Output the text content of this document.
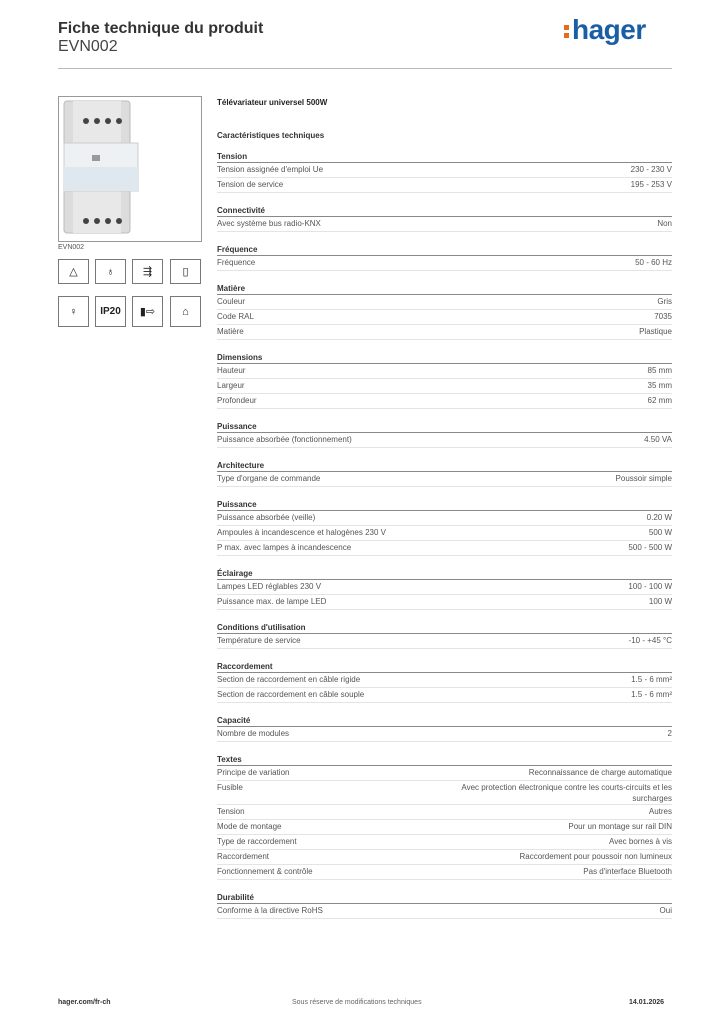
Fiche technique du produit
EVN002
hager
EVN002
△	♁	⇶	▯
♀	IP20	▮⇨	⌂
Télévariateur universel 500W
Caractéristiques techniques
Tension
Tension assignée d'emploi Ue	230 - 230 V
Tension de service	195 - 253 V
Connectivité
Avec système bus radio-KNX	Non
Fréquence
Fréquence	50 - 60 Hz
Matière
Couleur	Gris
Code RAL	7035
Matière	Plastique
Dimensions
Hauteur	85 mm
Largeur	35 mm
Profondeur	62 mm
Puissance
Puissance absorbée (fonctionnement)	4.50 VA
Architecture
Type d'organe de commande	Poussoir simple
Puissance
Puissance absorbée (veille)	0.20 W
Ampoules à incandescence et halogènes 230 V	500 W
P max. avec lampes à incandescence	500 - 500 W
Éclairage
Lampes LED réglables 230 V	100 - 100 W
Puissance max. de lampe LED	100 W
Conditions d'utilisation
Température de service	-10 - +45 °C
Raccordement
Section de raccordement en câble rigide	1.5 - 6 mm²
Section de raccordement en câble souple	1.5 - 6 mm²
Capacité
Nombre de modules	2
Textes
Principe de variation	Reconnaissance de charge automatique
Fusible	Avec protection électronique contre les courts-circuits et les surcharges
Tension	Autres
Mode de montage	Pour un montage sur rail DIN
Type de raccordement	Avec bornes à vis
Raccordement	Raccordement pour poussoir non lumineux
Fonctionnement & contrôle	Pas d'interface Bluetooth
Durabilité
Conforme à la directive RoHS	Oui
hager.com/fr-ch	Sous réserve de modifications techniques	14.01.2026
